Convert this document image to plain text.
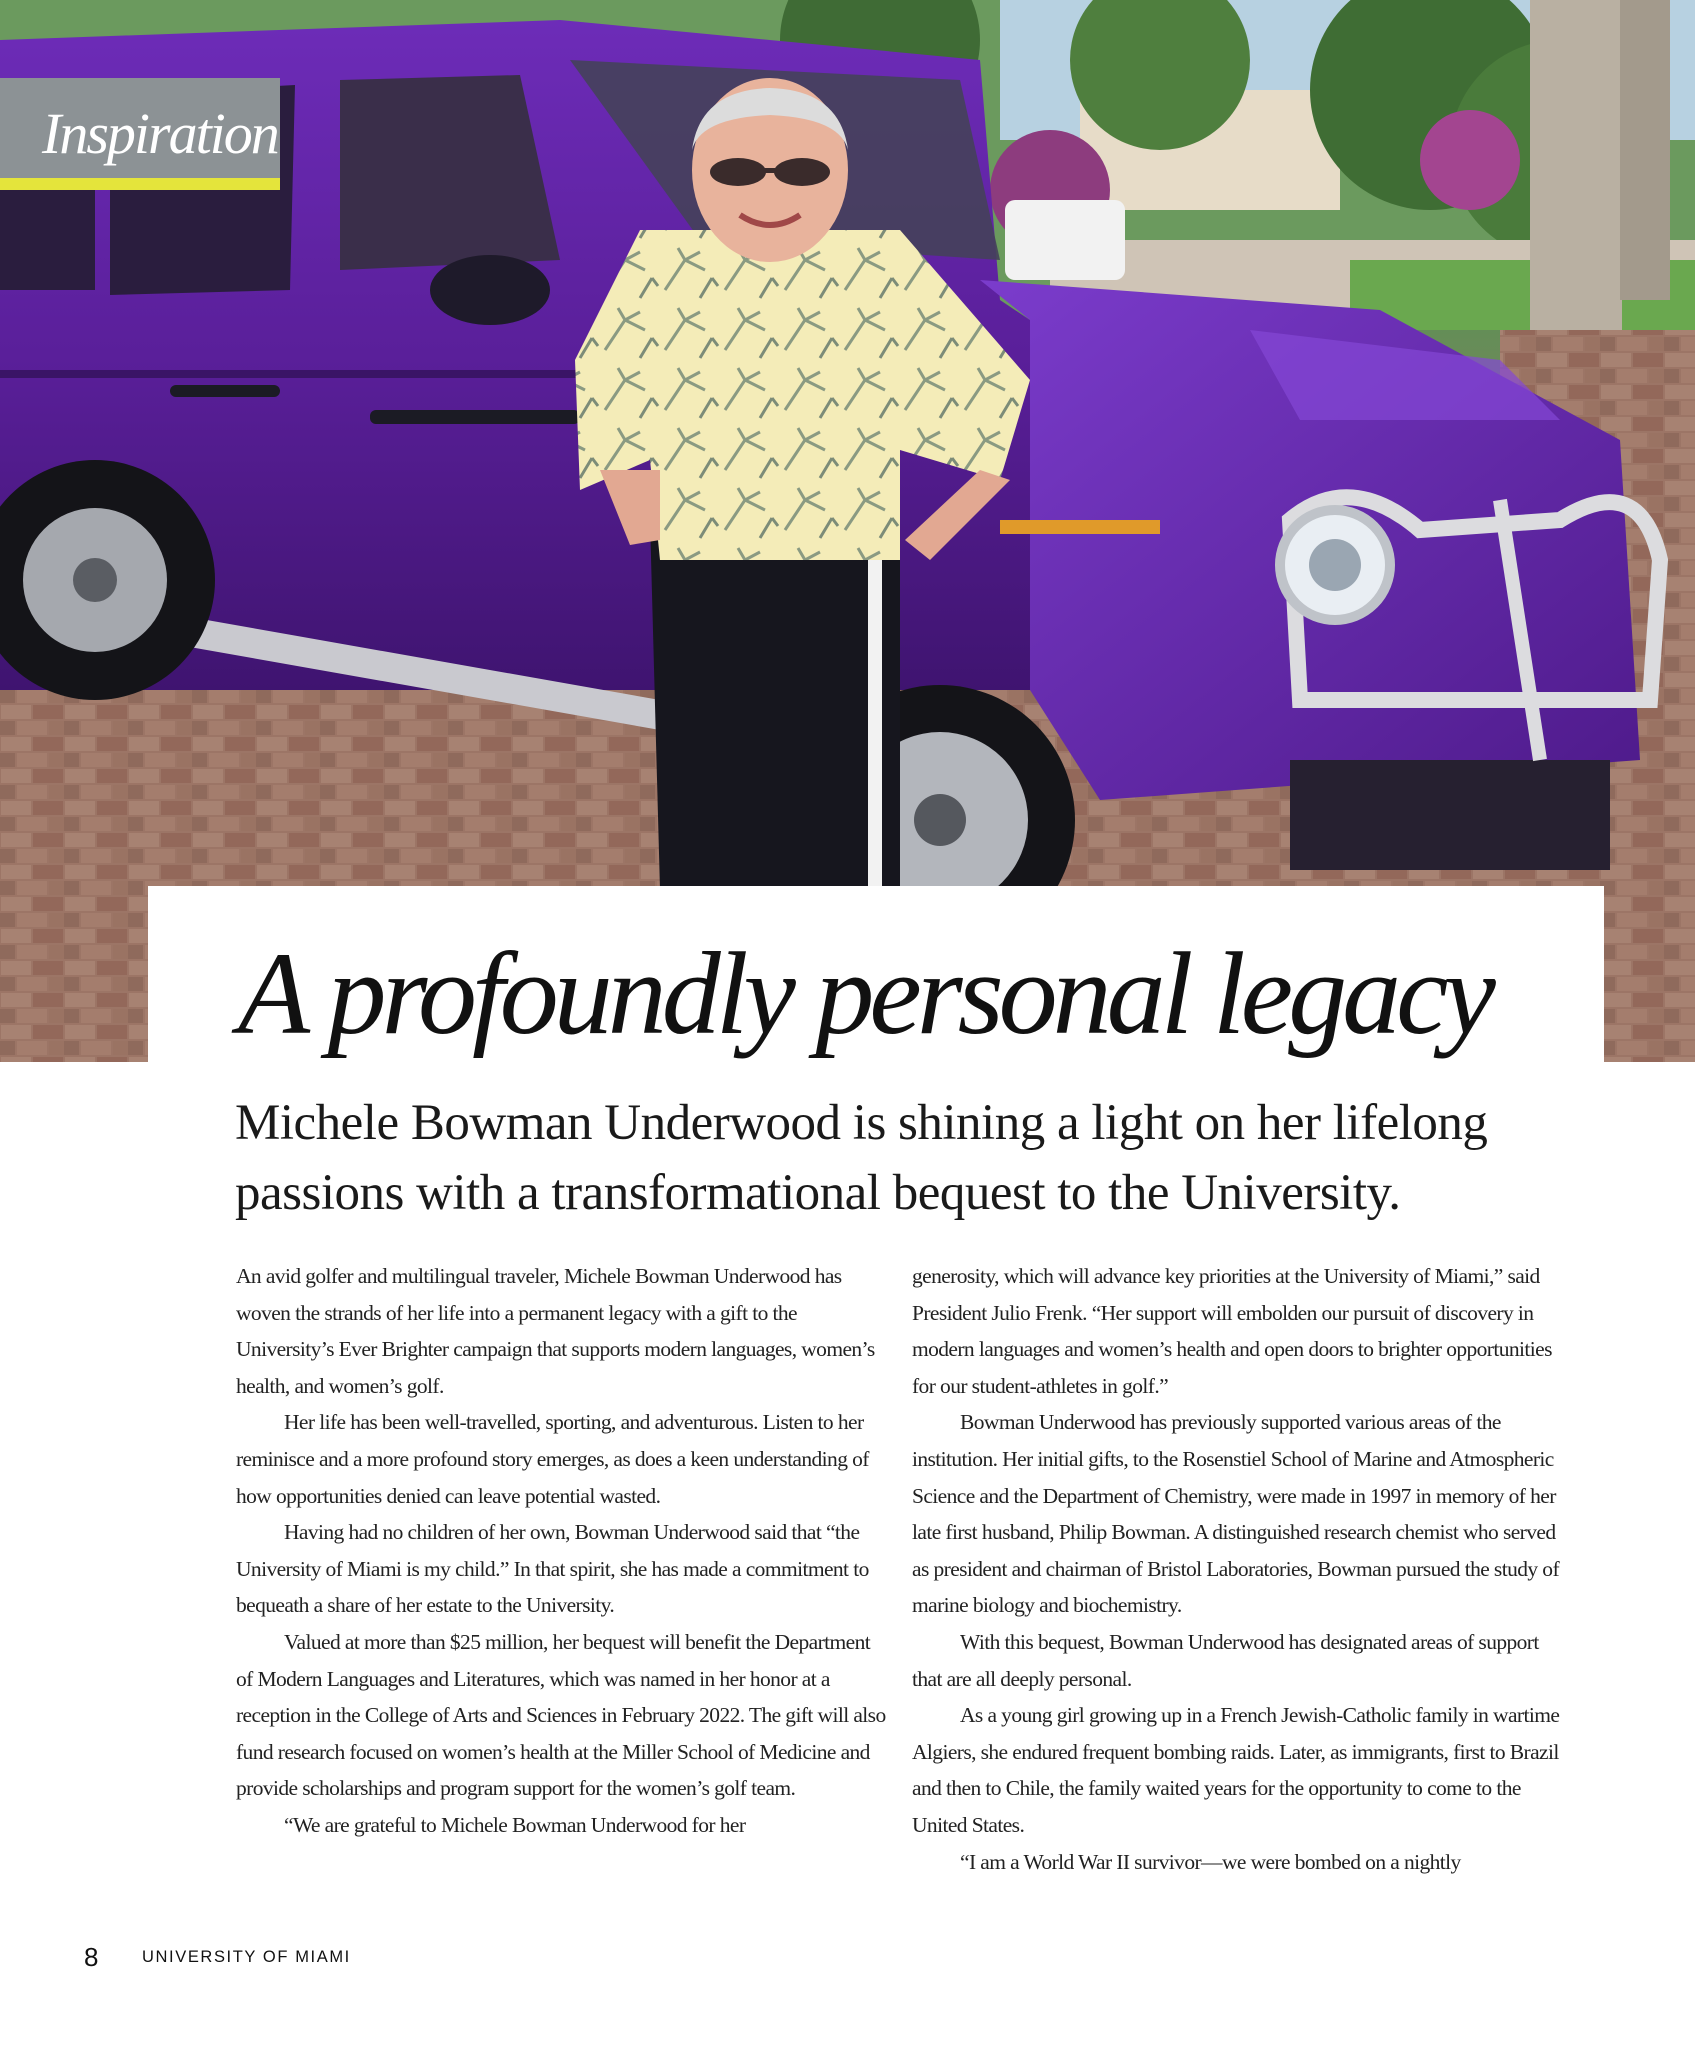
Inspiration
A profoundly personal legacy
Michele Bowman Underwood is shining a light on her lifelong passions with a transformational bequest to the University.

An avid golfer and multilingual traveler, Michele Bowman Underwood has woven the strands of her life into a permanent legacy with a gift to the University’s Ever Brighter campaign that supports modern languages, women’s health, and women’s golf.

Her life has been well-travelled, sporting, and adventurous. Listen to her reminisce and a more profound story emerges, as does a keen understanding of how opportunities denied can leave potential wasted.

Having had no children of her own, Bowman Underwood said that “the University of Miami is my child.” In that spirit, she has made a commitment to bequeath a share of her estate to the University.

Valued at more than $25 million, her bequest will benefit the Department of Modern Languages and Literatures, which was named in her honor at a reception in the College of Arts and Sciences in February 2022. The gift will also fund research focused on women’s health at the Miller School of Medicine and provide scholarships and program support for the women’s golf team.

“We are grateful to Michele Bowman Underwood for her

generosity, which will advance key priorities at the University of Miami,” said President Julio Frenk. “Her support will embolden our pursuit of discovery in modern languages and women’s health and open doors to brighter opportunities for our student-athletes in golf.”

Bowman Underwood has previously supported various areas of the institution. Her initial gifts, to the Rosenstiel School of Marine and Atmospheric Science and the Department of Chemistry, were made in 1997 in memory of her late first husband, Philip Bowman. A distinguished research chemist who served as president and chairman of Bristol Laboratories, Bowman pursued the study of marine biology and biochemistry.

With this bequest, Bowman Underwood has designated areas of support that are all deeply personal.

As a young girl growing up in a French Jewish-Catholic family in wartime Algiers, she endured frequent bombing raids. Later, as immigrants, first to Brazil and then to Chile, the family waited years for the opportunity to come to the United States.

“I am a World War II survivor—we were bombed on a nightly

8	UNIVERSITY OF MIAMI
